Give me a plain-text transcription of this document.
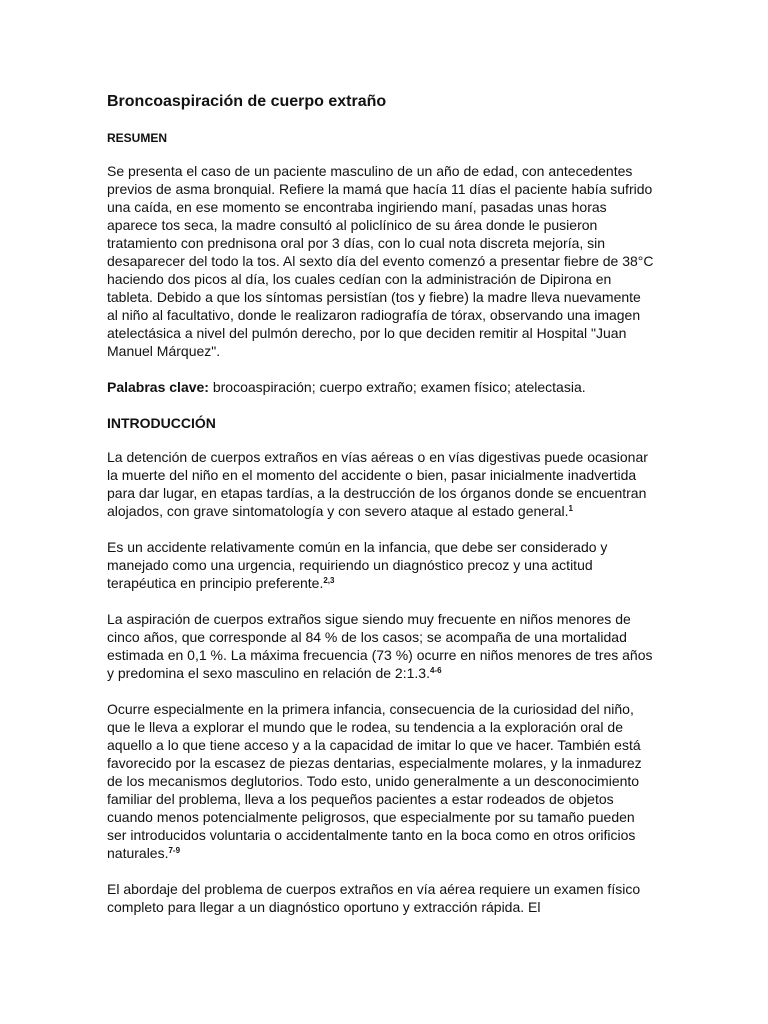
Broncoaspiración de cuerpo extraño
RESUMEN

Se presenta el caso de un paciente masculino de un año de edad, con antecedentes previos de asma bronquial. Refiere la mamá que hacía 11 días el paciente había sufrido una caída, en ese momento se encontraba ingiriendo maní, pasadas unas horas aparece tos seca, la madre consultó al policlínico de su área donde le pusieron tratamiento con prednisona oral por 3 días, con lo cual nota discreta mejoría, sin desaparecer del todo la tos. Al sexto día del evento comenzó a presentar fiebre de 38°C haciendo dos picos al día, los cuales cedían con la administración de Dipirona en tableta. Debido a que los síntomas persistían (tos y fiebre) la madre lleva nuevamente al niño al facultativo, donde le realizaron radiografía de tórax, observando una imagen atelectásica a nivel del pulmón derecho, por lo que deciden remitir al Hospital "Juan Manuel Márquez".

Palabras clave: brocoaspiración; cuerpo extraño; examen físico; atelectasia.

INTRODUCCIÓN

La detención de cuerpos extraños en vías aéreas o en vías digestivas puede ocasionar la muerte del niño en el momento del accidente o bien, pasar inicialmente inadvertida para dar lugar, en etapas tardías, a la destrucción de los órganos donde se encuentran alojados, con grave sintomatología y con severo ataque al estado general.$^1$

Es un accidente relativamente común en la infancia, que debe ser considerado y manejado como una urgencia, requiriendo un diagnóstico precoz y una actitud terapéutica en principio preferente.$^{2,3}$

La aspiración de cuerpos extraños sigue siendo muy frecuente en niños menores de cinco años, que corresponde al 84 % de los casos; se acompaña de una mortalidad estimada en 0,1 %. La máxima frecuencia (73 %) ocurre en niños menores de tres años y predomina el sexo masculino en relación de 2:1.3.$^{4-6}$

Ocurre especialmente en la primera infancia, consecuencia de la curiosidad del niño, que le lleva a explorar el mundo que le rodea, su tendencia a la exploración oral de aquello a lo que tiene acceso y a la capacidad de imitar lo que ve hacer. También está favorecido por la escasez de piezas dentarias, especialmente molares, y la inmadurez de los mecanismos deglutorios. Todo esto, unido generalmente a un desconocimiento familiar del problema, lleva a los pequeños pacientes a estar rodeados de objetos cuando menos potencialmente peligrosos, que especialmente por su tamaño pueden ser introducidos voluntaria o accidentalmente tanto en la boca como en otros orificios naturales.$^{7-9}$

El abordaje del problema de cuerpos extraños en vía aérea requiere un examen físico completo para llegar a un diagnóstico oportuno y extracción rápida. El
